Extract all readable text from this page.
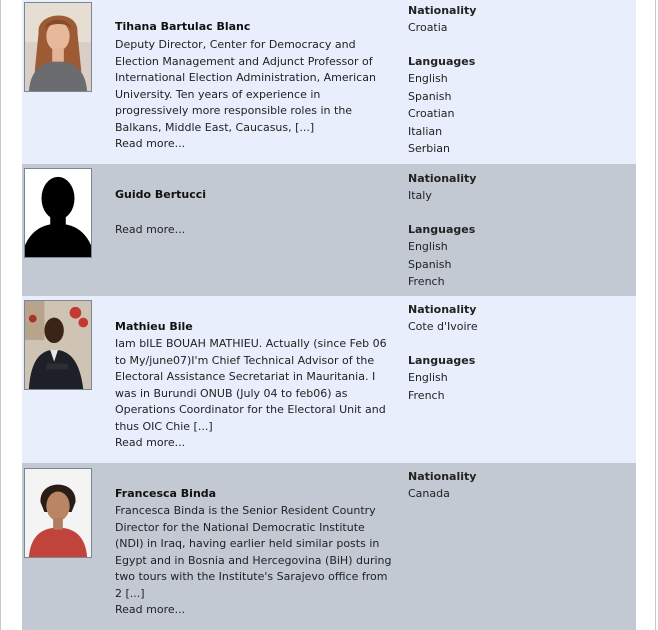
Tihana Bartulac Blanc
Deputy Director, Center for Democracy and
Election Management and Adjunct Professor of
International Election Administration, American
University. Ten years of experience in
progressively more responsible roles in the
Balkans, Middle East, Caucasus, [...]
Read more...
Nationality
Croatia
Languages
English
Spanish
Croatian
Italian
Serbian
Guido Bertucci
Read more...
Nationality
Italy
Languages
English
Spanish
French
Mathieu Bile
Iam bILE BOUAH MATHIEU. Actually (since Feb 06
to My/june07)I'm Chief Technical Advisor of the
Electoral Assistance Secretariat in Mauritania. I
was in Burundi ONUB (July 04 to feb06) as
Operations Coordinator for the Electoral Unit and
thus OIC Chie [...]
Read more...
Nationality
Cote d'Ivoire
Languages
English
French
Francesca Binda
Francesca Binda is the Senior Resident Country
Director for the National Democratic Institute
(NDI) in Iraq, having earlier held similar posts in
Egypt and in Bosnia and Hercegovina (BiH) during
two tours with the Institute's Sarajevo office from
2 [...]
Read more...
Nationality
Canada
